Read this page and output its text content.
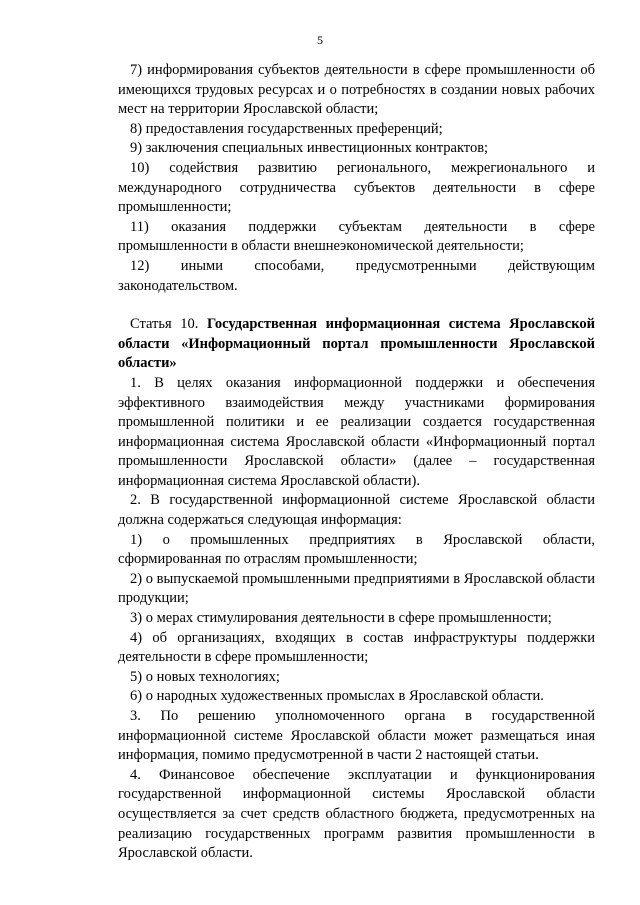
5

7) информирования субъектов деятельности в сфере промышленности об имеющихся трудовых ресурсах и о потребностях в создании новых рабочих мест на территории Ярославской области;

8) предоставления государственных преференций;

9) заключения специальных инвестиционных контрактов;

10) содействия развитию регионального, межрегионального и международного сотрудничества субъектов деятельности в сфере промышленности;

11) оказания поддержки субъектам деятельности в сфере промышленности в области внешнеэкономической деятельности;

12) иными способами, предусмотренными действующим законодательством.

Статья 10. Государственная информационная система Ярославской области «Информационный портал промышленности Ярославской области»

1. В целях оказания информационной поддержки и обеспечения эффективного взаимодействия между участниками формирования промышленной политики и ее реализации создается государственная информационная система Ярославской области «Информационный портал промышленности Ярославской области» (далее – государственная информационная система Ярославской области).

2. В государственной информационной системе Ярославской области должна содержаться следующая информация:

1) о промышленных предприятиях в Ярославской области, сформированная по отраслям промышленности;

2) о выпускаемой промышленными предприятиями в Ярославской области продукции;

3) о мерах стимулирования деятельности в сфере промышленности;

4) об организациях, входящих в состав инфраструктуры поддержки деятельности в сфере промышленности;

5) о новых технологиях;

6) о народных художественных промыслах в Ярославской области.

3. По решению уполномоченного органа в государственной информационной системе Ярославской области может размещаться иная информация, помимо предусмотренной в части 2 настоящей статьи.

4. Финансовое обеспечение эксплуатации и функционирования государственной информационной системы Ярославской области осуществляется за счет средств областного бюджета, предусмотренных на реализацию государственных программ развития промышленности в Ярославской области.
